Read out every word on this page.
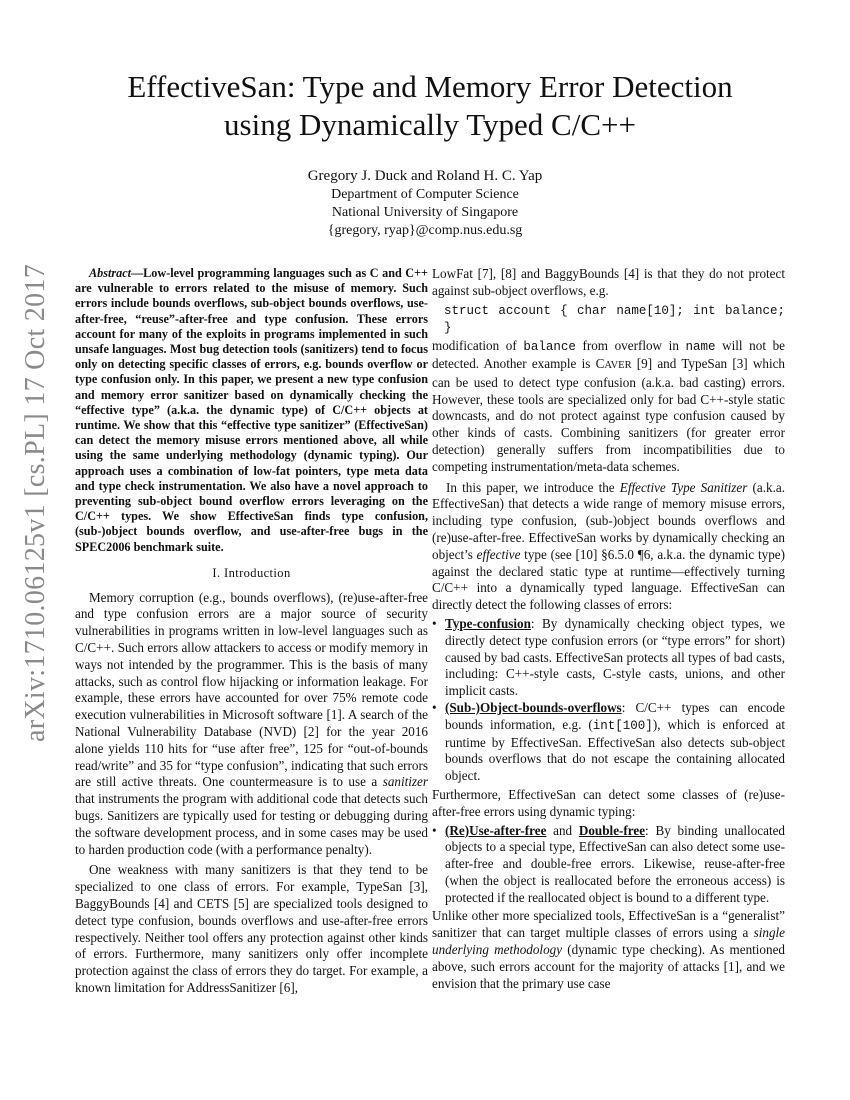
arXiv:1710.06125v1 [cs.PL] 17 Oct 2017
EffectiveSan: Type and Memory Error Detection
using Dynamically Typed C/C++
Gregory J. Duck and Roland H. C. Yap
Department of Computer Science
National University of Singapore
{gregory, ryap}@comp.nus.edu.sg

Abstract—Low-level programming languages such as C and C++ are vulnerable to errors related to the misuse of memory. Such errors include bounds overflows, sub-object bounds overflows, use-after-free, “reuse”-after-free and type confusion. These errors account for many of the exploits in programs implemented in such unsafe languages. Most bug detection tools (sanitizers) tend to focus only on detecting specific classes of errors, e.g. bounds overflow or type confusion only. In this paper, we present a new type confusion and memory error sanitizer based on dynamically checking the “effective type” (a.k.a. the dynamic type) of C/C++ objects at runtime. We show that this “effective type sanitizer” (EffectiveSan) can detect the memory misuse errors mentioned above, all while using the same underlying methodology (dynamic typing). Our approach uses a combination of low-fat pointers, type meta data and type check instrumentation. We also have a novel approach to preventing sub-object bound overflow errors leveraging on the C/C++ types. We show EffectiveSan finds type confusion, (sub-)object bounds overflow, and use-after-free bugs in the SPEC2006 benchmark suite.

I. Introduction

Memory corruption (e.g., bounds overflows), (re)use-after-free and type confusion errors are a major source of security vulnerabilities in programs written in low-level languages such as C/C++. Such errors allow attackers to access or modify memory in ways not intended by the programmer. This is the basis of many attacks, such as control flow hijacking or information leakage. For example, these errors have accounted for over 75% remote code execution vulnerabilities in Microsoft software [1]. A search of the National Vulnerability Database (NVD) [2] for the year 2016 alone yields 110 hits for “use after free”, 125 for “out-of-bounds read/write” and 35 for “type confusion”, indicating that such errors are still active threats. One countermeasure is to use a sanitizer that instruments the program with additional code that detects such bugs. Sanitizers are typically used for testing or debugging during the software development process, and in some cases may be used to harden production code (with a performance penalty).

One weakness with many sanitizers is that they tend to be specialized to one class of errors. For example, TypeSan [3], BaggyBounds [4] and CETS [5] are specialized tools designed to detect type confusion, bounds overflows and use-after-free errors respectively. Neither tool offers any protection against other kinds of errors. Furthermore, many sanitizers only offer incomplete protection against the class of errors they do target. For example, a known limitation for AddressSanitizer [6],

LowFat [7], [8] and BaggyBounds [4] is that they do not protect against sub-object overflows, e.g.

struct account { char name[10]; int balance; }

modification of balance from overflow in name will not be detected. Another example is CAVER [9] and TypeSan [3] which can be used to detect type confusion (a.k.a. bad casting) errors. However, these tools are specialized only for bad C++-style static downcasts, and do not protect against type confusion caused by other kinds of casts. Combining sanitizers (for greater error detection) generally suffers from incompatibilities due to competing instrumentation/meta-data schemes.

In this paper, we introduce the Effective Type Sanitizer (a.k.a. EffectiveSan) that detects a wide range of memory misuse errors, including type confusion, (sub-)object bounds overflows and (re)use-after-free. EffectiveSan works by dynamically checking an object’s effective type (see [10] §6.5.0 ¶6, a.k.a. the dynamic type) against the declared static type at runtime—effectively turning C/C++ into a dynamically typed language. EffectiveSan can directly detect the following classes of errors:

• Type-confusion: By dynamically checking object types, we directly detect type confusion errors (or “type errors” for short) caused by bad casts. EffectiveSan protects all types of bad casts, including: C++-style casts, C-style casts, unions, and other implicit casts.
• (Sub-)Object-bounds-overflows: C/C++ types can encode bounds information, e.g. (int[100]), which is enforced at runtime by EffectiveSan. EffectiveSan also detects sub-object bounds overflows that do not escape the containing allocated object.

Furthermore, EffectiveSan can detect some classes of (re)use-after-free errors using dynamic typing:

• (Re)Use-after-free and Double-free: By binding unallocated objects to a special type, EffectiveSan can also detect some use-after-free and double-free errors. Likewise, reuse-after-free (when the object is reallocated before the erroneous access) is protected if the reallocated object is bound to a different type.

Unlike other more specialized tools, EffectiveSan is a “generalist” sanitizer that can target multiple classes of errors using a single underlying methodology (dynamic type checking). As mentioned above, such errors account for the majority of attacks [1], and we envision that the primary use case
